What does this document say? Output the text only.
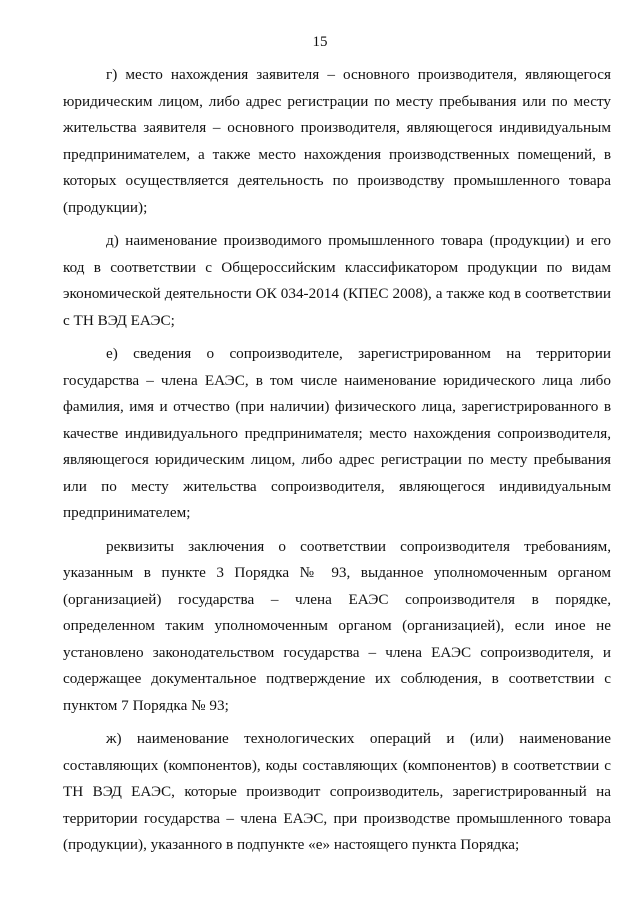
15

г) место нахождения заявителя – основного производителя, являющегося юридическим лицом, либо адрес регистрации по месту пребывания или по месту жительства заявителя – основного производителя, являющегося индивидуальным предпринимателем, а также место нахождения производственных помещений, в которых осуществляется деятельность по производству промышленного товара (продукции);

д) наименование производимого промышленного товара (продукции) и его код в соответствии с Общероссийским классификатором продукции по видам экономической деятельности ОК 034-2014 (КПЕС 2008), а также код в соответствии с ТН ВЭД ЕАЭС;

е) сведения о сопроизводителе, зарегистрированном на территории государства – члена ЕАЭС, в том числе наименование юридического лица либо фамилия, имя и отчество (при наличии) физического лица, зарегистрированного в качестве индивидуального предпринимателя; место нахождения сопроизводителя, являющегося юридическим лицом, либо адрес регистрации по месту пребывания или по месту жительства сопроизводителя, являющегося индивидуальным предпринимателем;

реквизиты заключения о соответствии сопроизводителя требованиям, указанным в пункте 3 Порядка № 93, выданное уполномоченным органом (организацией) государства – члена ЕАЭС сопроизводителя в порядке, определенном таким уполномоченным органом (организацией), если иное не установлено законодательством государства – члена ЕАЭС сопроизводителя, и содержащее документальное подтверждение их соблюдения, в соответствии с пунктом 7 Порядка № 93;

ж) наименование технологических операций и (или) наименование составляющих (компонентов), коды составляющих (компонентов) в соответствии с ТН ВЭД ЕАЭС, которые производит сопроизводитель, зарегистрированный на территории государства – члена ЕАЭС, при производстве промышленного товара (продукции), указанного в подпункте «е» настоящего пункта Порядка;
